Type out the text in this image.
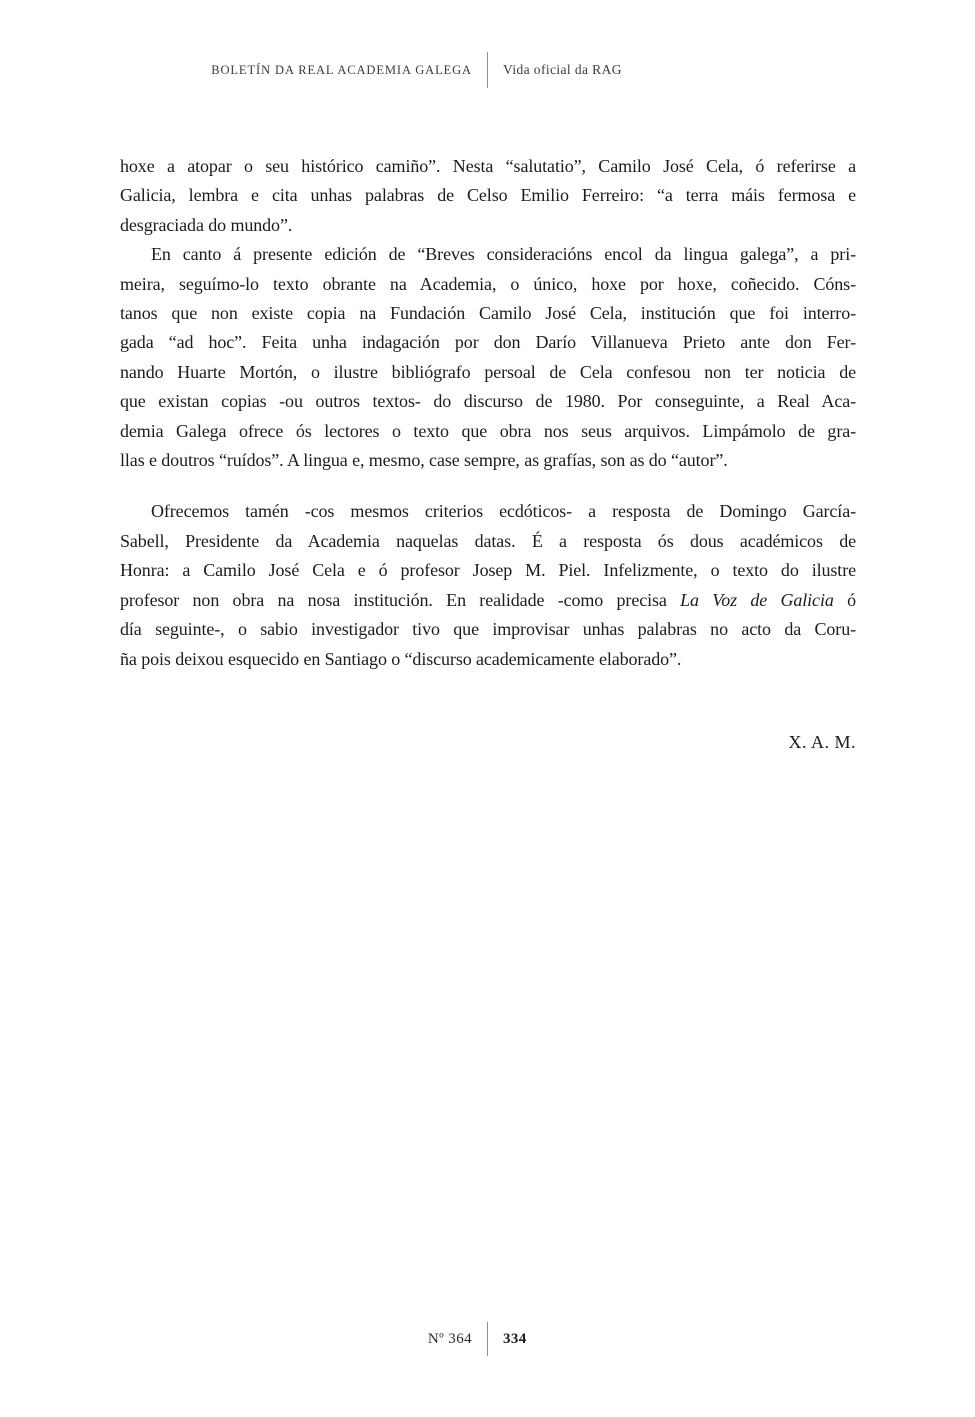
BOLETÍN DA REAL ACADEMIA GALEGA	Vida oficial da RAG
hoxe a atopar o seu histórico camiño”. Nesta “salutatio”, Camilo José Cela, ó referirse a
Galicia, lembra e cita unhas palabras de Celso Emilio Ferreiro: “a terra máis fermosa e
desgraciada do mundo”.
En canto á presente edición de “Breves consideracións encol da lingua galega”, a pri-
meira, seguímo-lo texto obrante na Academia, o único, hoxe por hoxe, coñecido. Cóns-
tanos que non existe copia na Fundación Camilo José Cela, institución que foi interro-
gada “ad hoc”. Feita unha indagación por don Darío Villanueva Prieto ante don Fer-
nando Huarte Mortón, o ilustre bibliógrafo persoal de Cela confesou non ter noticia de
que existan copias -ou outros textos- do discurso de 1980. Por conseguinte, a Real Aca-
demia Galega ofrece ós lectores o texto que obra nos seus arquivos. Limpámolo de gra-
llas e doutros “ruídos”. A lingua e, mesmo, case sempre, as grafías, son as do “autor”.
Ofrecemos tamén -cos mesmos criterios ecdóticos- a resposta de Domingo García-
Sabell, Presidente da Academia naquelas datas. É a resposta ós dous académicos de
Honra: a Camilo José Cela e ó profesor Josep M. Piel. Infelizmente, o texto do ilustre
profesor non obra na nosa institución. En realidade -como precisa La Voz de Galicia ó
día seguinte-, o sabio investigador tivo que improvisar unhas palabras no acto da Coru-
ña pois deixou esquecido en Santiago o “discurso academicamente elaborado”.
X. A. M.
Nº 364	334
